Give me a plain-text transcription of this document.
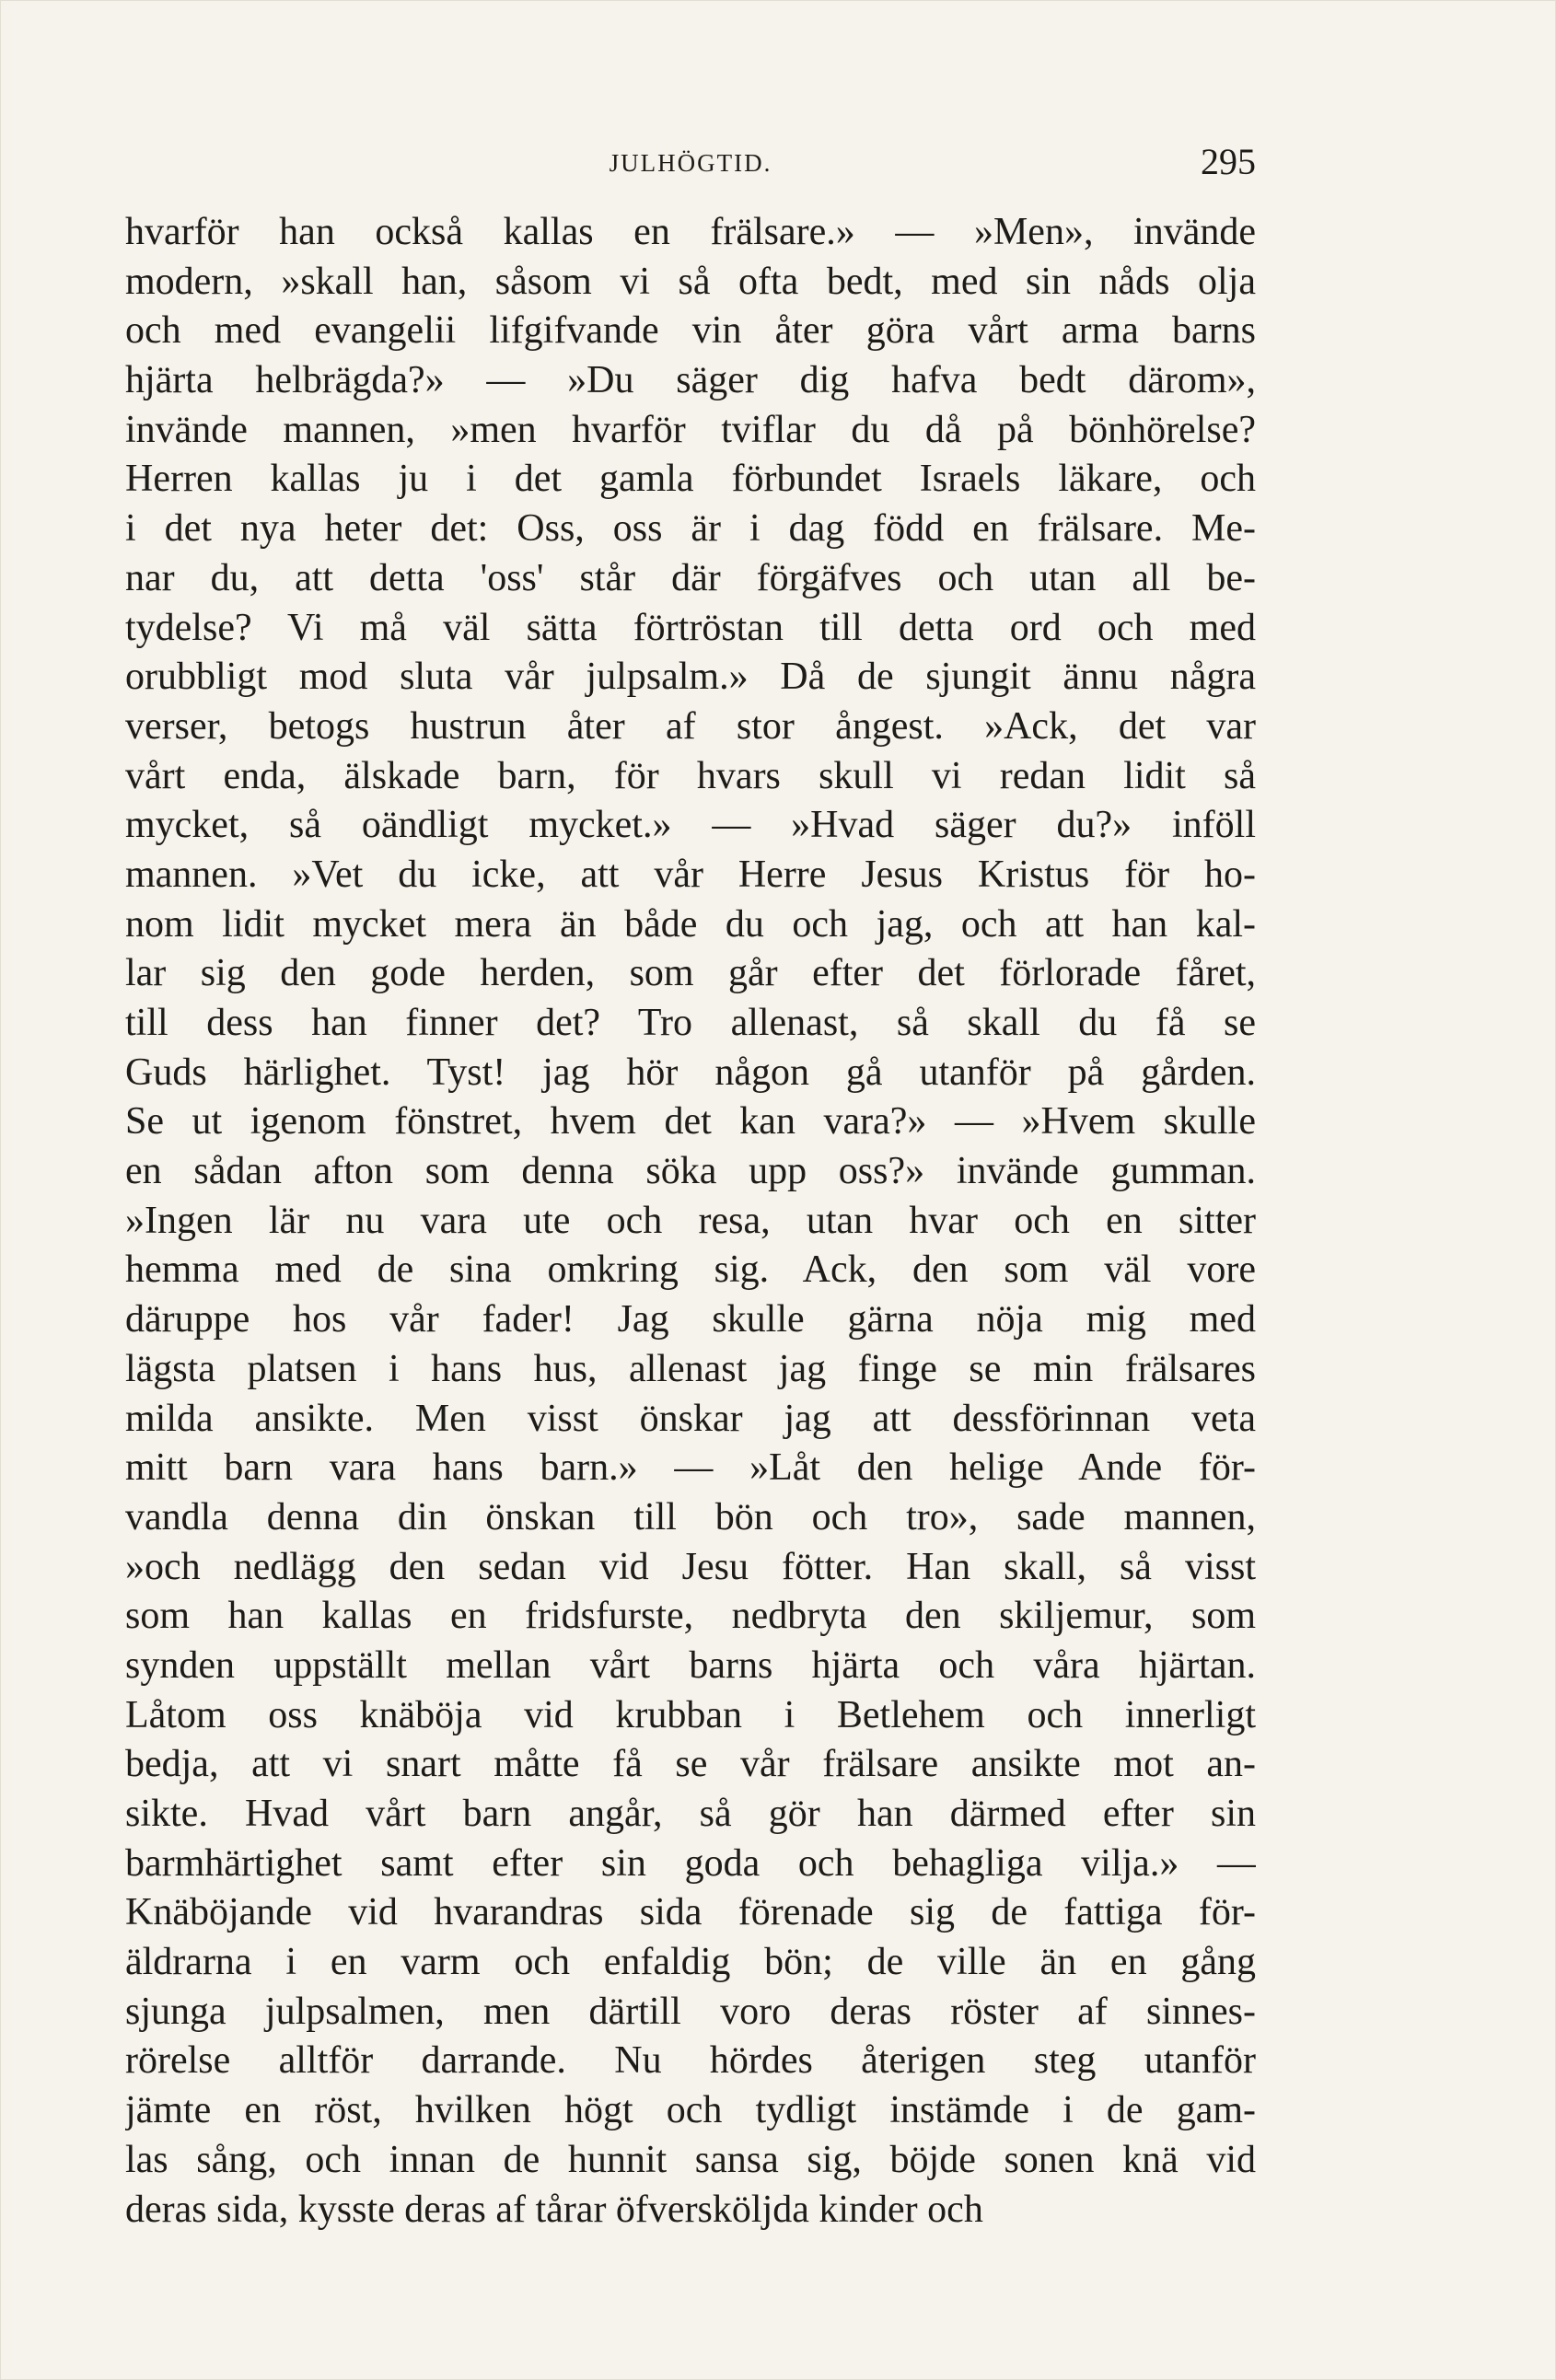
JULHÖGTID.	295
hvarför han också kallas en frälsare.» — »Men», invände
modern, »skall han, såsom vi så ofta bedt, med sin nåds olja
och med evangelii lifgifvande vin åter göra vårt arma barns
hjärta helbrägda?» — »Du säger dig hafva bedt därom»,
invände mannen, »men hvarför tviflar du då på bönhörelse?
Herren kallas ju i det gamla förbundet Israels läkare, och
i det nya heter det: Oss, oss är i dag född en frälsare. Me-
nar du, att detta 'oss' står där förgäfves och utan all be-
tydelse? Vi må väl sätta förtröstan till detta ord och med
orubbligt mod sluta vår julpsalm.» Då de sjungit ännu några
verser, betogs hustrun åter af stor ångest. »Ack, det var
vårt enda, älskade barn, för hvars skull vi redan lidit så
mycket, så oändligt mycket.» — »Hvad säger du?» inföll
mannen. »Vet du icke, att vår Herre Jesus Kristus för ho-
nom lidit mycket mera än både du och jag, och att han kal-
lar sig den gode herden, som går efter det förlorade fåret,
till dess han finner det? Tro allenast, så skall du få se
Guds härlighet. Tyst! jag hör någon gå utanför på gården.
Se ut igenom fönstret, hvem det kan vara?» — »Hvem skulle
en sådan afton som denna söka upp oss?» invände gumman.
»Ingen lär nu vara ute och resa, utan hvar och en sitter
hemma med de sina omkring sig. Ack, den som väl vore
däruppe hos vår fader! Jag skulle gärna nöja mig med
lägsta platsen i hans hus, allenast jag finge se min frälsares
milda ansikte. Men visst önskar jag att dessförinnan veta
mitt barn vara hans barn.» — »Låt den helige Ande för-
vandla denna din önskan till bön och tro», sade mannen,
»och nedlägg den sedan vid Jesu fötter. Han skall, så visst
som han kallas en fridsfurste, nedbryta den skiljemur, som
synden uppställt mellan vårt barns hjärta och våra hjärtan.
Låtom oss knäböja vid krubban i Betlehem och innerligt
bedja, att vi snart måtte få se vår frälsare ansikte mot an-
sikte. Hvad vårt barn angår, så gör han därmed efter sin
barmhärtighet samt efter sin goda och behagliga vilja.» —
Knäböjande vid hvarandras sida förenade sig de fattiga för-
äldrarna i en varm och enfaldig bön; de ville än en gång
sjunga julpsalmen, men därtill voro deras röster af sinnes-
rörelse alltför darrande. Nu hördes återigen steg utanför
jämte en röst, hvilken högt och tydligt instämde i de gam-
las sång, och innan de hunnit sansa sig, böjde sonen knä vid
deras sida, kysste deras af tårar öfversköljda kinder och
